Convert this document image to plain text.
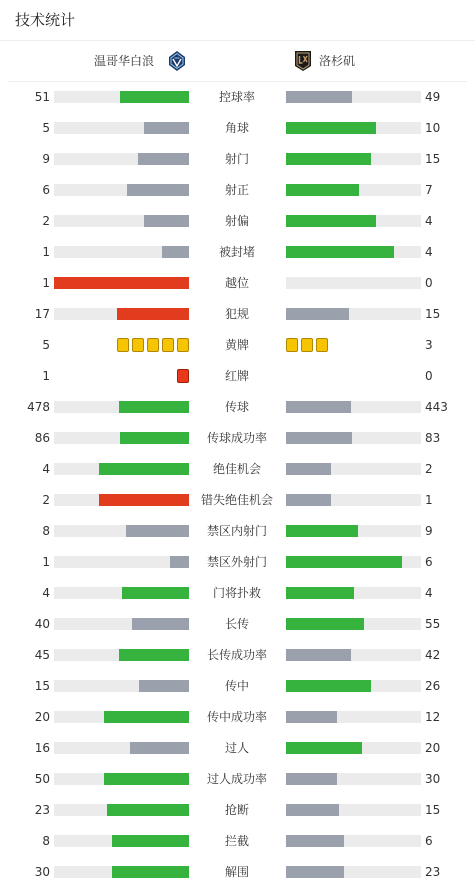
技术统计
温哥华白浪	洛杉矶
51	控球率	49
5	角球	10
9	射门	15
6	射正	7
2	射偏	4
1	被封堵	4
1	越位	0
17	犯规	15
5	黄牌	3
1	红牌	0
478	传球	443
86	传球成功率	83
4	绝佳机会	2
2	错失绝佳机会	1
8	禁区内射门	9
1	禁区外射门	6
4	门将扑救	4
40	长传	55
45	长传成功率	42
15	传中	26
20	传中成功率	12
16	过人	20
50	过人成功率	30
23	抢断	15
8	拦截	6
30	解围	23
